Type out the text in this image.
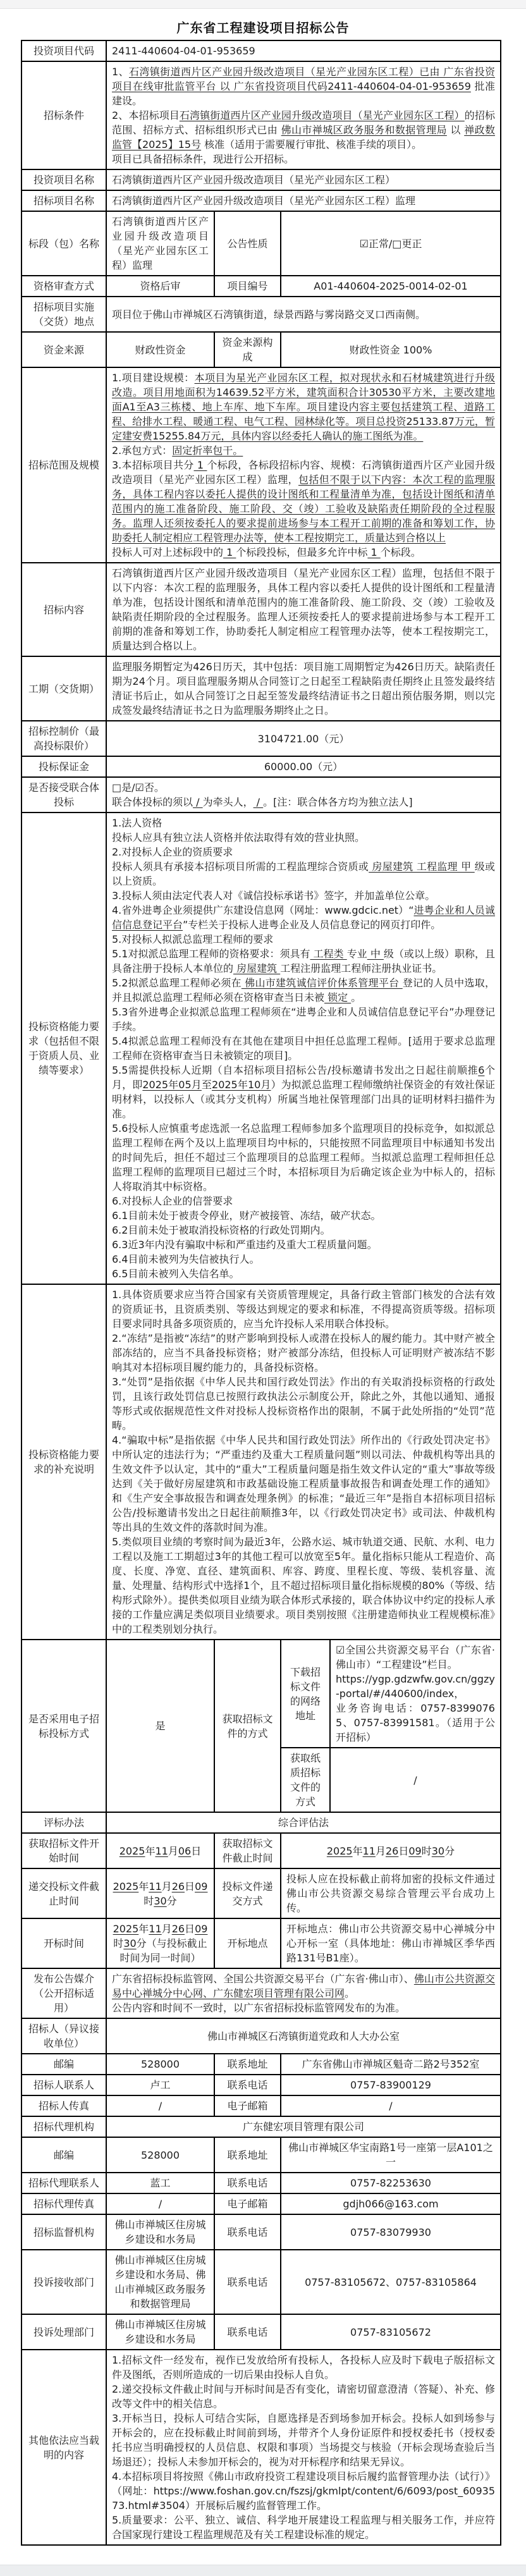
广东省工程建设项目招标公告
投资项目代码	2411-440604-04-01-953659			
招标条件	1、石湾镇街道西片区产业园升级改造项目（星光产业园东区工程）已由 广东省投资项目在线审批监管平台 以 广东省投资项目代码2411-440604-04-01-953659 批准建设。
2、本招标项目石湾镇街道西片区产业园升级改造项目（星光产业园东区工程）的招标范围、招标方式、招标组织形式已由 佛山市禅城区政务服务和数据管理局 以 禅政数监管【2025】15号 核准（适用于需要履行审批、核准手续的项目）。
项目已具备招标条件，现进行公开招标。			
投资项目名称	石湾镇街道西片区产业园升级改造项目（星光产业园东区工程）			
招标项目名称	石湾镇街道西片区产业园升级改造项目（星光产业园东区工程）监理			
标段（包）名称	石湾镇街道西片区产业园升级改造项目（星光产业园东区工程）监理	公告性质	☑正常/□更正	
资格审查方式	资格后审	项目编号	A01-440604-2025-0014-02-01	
招标项目实施（交货）地点	项目位于佛山市禅城区石湾镇街道，绿景西路与雾岗路交叉口西南侧。			
资金来源	财政性资金	资金来源构成	财政性资金 100%	
招标范围及规模	1.项目建设规模：本项目为星光产业园东区工程，拟对现状永和石材城建筑进行升级改造。项目用地面积为14639.52平方米，建筑面积合计30530平方米，主要改建地面A1至A3三栋楼、地上车库、地下车库。项目建设内容主要包括建筑工程、道路工程、给排水工程、暖通工程、电气工程、园林绿化等。项目总投资25133.87万元，暂定建安费15255.84万元，具体内容以经委托人确认的施工图纸为准。
2.承包方式：固定折率包干。
3.本招标项目共分 1 个标段，各标段招标内容、规模：石湾镇街道西片区产业园升级改造项目（星光产业园东区工程）监理，包括但不限于以下内容：本次工程的监理服务，具体工程内容以委托人提供的设计图纸和工程量清单为准，包括设计图纸和清单范围内的施工准备阶段、施工阶段、交（竣）工验收及缺陷责任期阶段的全过程服务。监理人还须按委托人的要求提前进场参与本工程开工前期的准备和筹划工作，协助委托人制定相应工程管理办法等，使本工程按期完工，质量达到合格以上
投标人可对上述标段中的 1 个标段投标，但最多允许中标 1 个标段。			
招标内容	石湾镇街道西片区产业园升级改造项目（星光产业园东区工程）监理，包括但不限于以下内容：本次工程的监理服务，具体工程内容以委托人提供的设计图纸和工程量清单为准，包括设计图纸和清单范围内的施工准备阶段、施工阶段、交（竣）工验收及缺陷责任期阶段的全过程服务。监理人还须按委托人的要求提前进场参与本工程开工前期的准备和筹划工作，协助委托人制定相应工程管理办法等，使本工程按期完工，质量达到合格以上。			
工期（交货期）	监理服务期暂定为426日历天，其中包括：项目施工周期暂定为426日历天。缺陷责任期为24个月。项目监理服务期从合同签订之日起至工程缺陷责任期终止且签发最终结清证书后止，如从合同签订之日起至签发最终结清证书之日超出预估服务期，则以完成签发最终结清证书之日为监理服务期终止之日。			
招标控制价（最高投标限价）	3104721.00（元）			
投标保证金	60000.00（元）			
是否接受联合体投标	□是/☑否。
联合体投标的须以 / 为牵头人， / 。[注：联合体各方均为独立法人]			
投标资格能力要求（包括但不限于资质人员、业绩等要求）	1.法人资格
投标人应具有独立法人资格并依法取得有效的营业执照。
2.对投标人企业的资质要求
投标人须具有承接本招标项目所需的工程监理综合资质或 房屋建筑 工程监理 甲 级或以上资质。
3.投标人须由法定代表人对《诚信投标承诺书》签字，并加盖单位公章。
4.省外进粤企业须提供广东建设信息网（网址：www.gdcic.net）“进粤企业和人员诚信信息登记平台”专栏关于投标人进粤企业及人员信息登记的网页打印件。
5.对投标人拟派总监理工程师的要求
5.1对拟派总监理工程师的资格要求：须具有 工程类 专业 中 级（或以上级）职称，且具备注册于投标人本单位的 房屋建筑 工程注册监理工程师注册执业证书。
5.2拟派总监理工程师必须在 佛山市建筑诚信评价体系管理平台 登记的人员中选取，并且拟派总监理工程师必须在资格审查当日未被 锁定 。
5.3省外进粤企业拟派总监理工程师须在“进粤企业和人员诚信信息登记平台”办理登记手续。
5.4拟派总监理工程师没有在其他在建项目中担任总监理工程师。[适用于要求总监理工程师在资格审查当日未被锁定的项目]。
5.5需提供投标人近期（自本招标项目招标公告/投标邀请书发出之日起往前顺推6个月，即2025年05月至2025年10月）为拟派总监理工程师缴纳社保资金的有效社保证明材料，以投标人（或其分支机构）所属当地社保管理部门出具的证明材料扫描件为准。
5.6投标人应慎重考虑选派一名总监理工程师参加多个监理项目的投标竞争，如拟派总监理工程师在两个及以上监理项目均中标的，只能按照不同监理项目中标通知书发出的时间先后，担任不超过三个监理项目的总监理工程师。当拟派总监理工程师担任总监理工程师的监理项目已超过三个时，本招标项目为后确定该企业为中标人的，招标人将取消其中标资格。
6.对投标人企业的信誉要求
6.1目前未处于被责令停业，财产被接管、冻结，破产状态。
6.2目前未处于被取消投标资格的行政处罚期内。
6.3近3年内没有骗取中标和严重违约及重大工程质量问题。
6.4目前未被列为失信被执行人。
6.5目前未被列入失信名单。
投标资格能力要求的补充说明	1.具体资质要求应当符合国家有关资质管理规定，具备行政主管部门核发的合法有效的资质证书，且资质类别、等级达到规定的要求和标准，不得提高资质等级。招标项目要求同时具备多项资质的，应当允许投标人采用联合体投标。
2.“冻结”是指被“冻结”的财产影响到投标人或潜在投标人的履约能力。其中财产被全部冻结的，应当不具备投标资格；财产被部分冻结，但投标人可证明财产被冻结不影响其对本招标项目履约能力的，具备投标资格。
3.“处罚”是指依据《中华人民共和国行政处罚法》作出的有关取消投标资格的行政处罚，且该行政处罚信息已按照行政执法公示制度公开，除此之外，其他以通知、通报等形式或依据规范性文件对投标人投标资格作出的限制，不属于此处所指的“处罚”范畴。
4.“骗取中标”是指依据《中华人民共和国行政处罚法》所作出的《行政处罚决定书》中所认定的违法行为；“严重违约及重大工程质量问题”则以司法、仲裁机构等出具的生效文件予以认定，其中的“重大”工程质量问题是指生效文件认定的“重大”事故等级达到《关于做好房屋建筑和市政基础设施工程质量事故报告和调查处理工作的通知》和《生产安全事故报告和调查处理条例》的标准；“最近三年”是指自本招标项目招标公告/投标邀请书发出之日起往前顺推3年，以《行政处罚决定书》或司法、仲裁机构等出具的生效文件的落款时间为准。
5.类似项目业绩的考察时间为最近3年，公路水运、城市轨道交通、民航、水利、电力工程以及施工工期超过3年的其他工程可以放宽至5年。量化指标只能从工程造价、高度、长度、净宽、直径、建筑面积、库容、跨度、里程长度、等级、装机容量、流量、处理量、结构形式中选择1个，且不超过招标项目量化指标规模的80%（等级、结构形式除外）。提供类似项目业绩为联合体形式承接的，联合体协议中约定的投标人承接的工作量应满足类似项目业绩要求。项目类别按照《注册建造师执业工程规模标准》中的工程类别划分执行。			
是否采用电子招标投标方式	是	获取招标文件的方式	下载招标文件的网络地址	☑全国公共资源交易平台（广东省·佛山市）“工程建设”栏目。
https://ygp.gdzwfw.gov.cn/ggzy-portal/#/440600/index，
业务咨询电话：0757-83990765、0757-83991581。（适用于公开招标）
			获取纸质招标文件的方式	/
评标办法	综合评估法			
获取招标文件开始时间	2025年11月06日	获取招标文件截止时间	2025年11月26日09时30分	
递交投标文件截止时间	2025年11月26日09时30分	投标文件递交方式	投标人应在投标截止前将加密的投标文件通过佛山市公共资源交易综合管理云平台成功上传。	
开标时间	2025年11月26日09时30分（与投标截止时间为同一时间）	开标地点	开标地点：佛山市公共资源交易中心禅城分中心开标一室（具体地址：佛山市禅城区季华西路131号B1座）。	
发布公告媒介（公开招标适用）	广东省招标投标监管网、全国公共资源交易平台（广东省·佛山市）、佛山市公共资源交易中心禅城分中心网、广东健宏项目管理有限公司网。
公告内容和时间不一致时，以广东省招标投标监管网发布的为准。			
招标人（异议接收单位）	佛山市禅城区石湾镇街道党政和人大办公室			
邮编	528000	联系地址	广东省佛山市禅城区魁奇二路2号352室	
招标人联系人	卢工	联系电话	0757-83900129	
招标人传真	/	电子邮箱	/	
招标代理机构	广东健宏项目管理有限公司			
邮编	528000	联系地址	佛山市禅城区华宝南路1号一座第一层A101之一	
招标代理联系人	蓝工	联系电话	0757-82253630	
招标代理传真	/	电子邮箱	gdjh066@163.com	
招标监督机构	佛山市禅城区住房城乡建设和水务局	联系电话	0757-83079930	
投诉接收部门	佛山市禅城区住房城乡建设和水务局、佛山市禅城区政务服务和数据管理局	联系电话	0757-83105672、0757-83105864	
投诉处理部门	佛山市禅城区住房城乡建设和水务局	联系电话	0757-83105672	
其他依法应当载明的内容	1.招标文件一经发布，视作已发放给所有投标人，各投标人应及时下载电子版招标文件及图纸，否则所造成的一切后果由投标人自负。
2.递交投标文件截止时间与开标时间是否有变化，请密切留意澄清（答疑）、补充、修改等文件中的相关信息。
3.开标当日，投标人可结合实际，自愿选择是否到场参加开标会。投标人如到场参与开标会的，应在投标截止时间前到场，并带齐个人身份证原件和授权委托书（授权委托书应当明确授权的人员信息、权限和事项）当场提交与核验（开标会现场查验后当场退还）；投标人未参加开标会的，视为对开标程序和结果无异议。
4.本招标项目将按照《佛山市政府投资工程建设项目标后履约监督管理办法（试行）》（网址：https://www.foshan.gov.cn/fszsj/gkmlpt/content/6/6093/post_6093573.html#3504）开展标后履约监督管理工作。
5.质量要求：公平、独立、诚信、科学地开展建设工程监理与相关服务工作，并应符合国家现行建设工程监理规范及有关工程建设标准的规定。			
